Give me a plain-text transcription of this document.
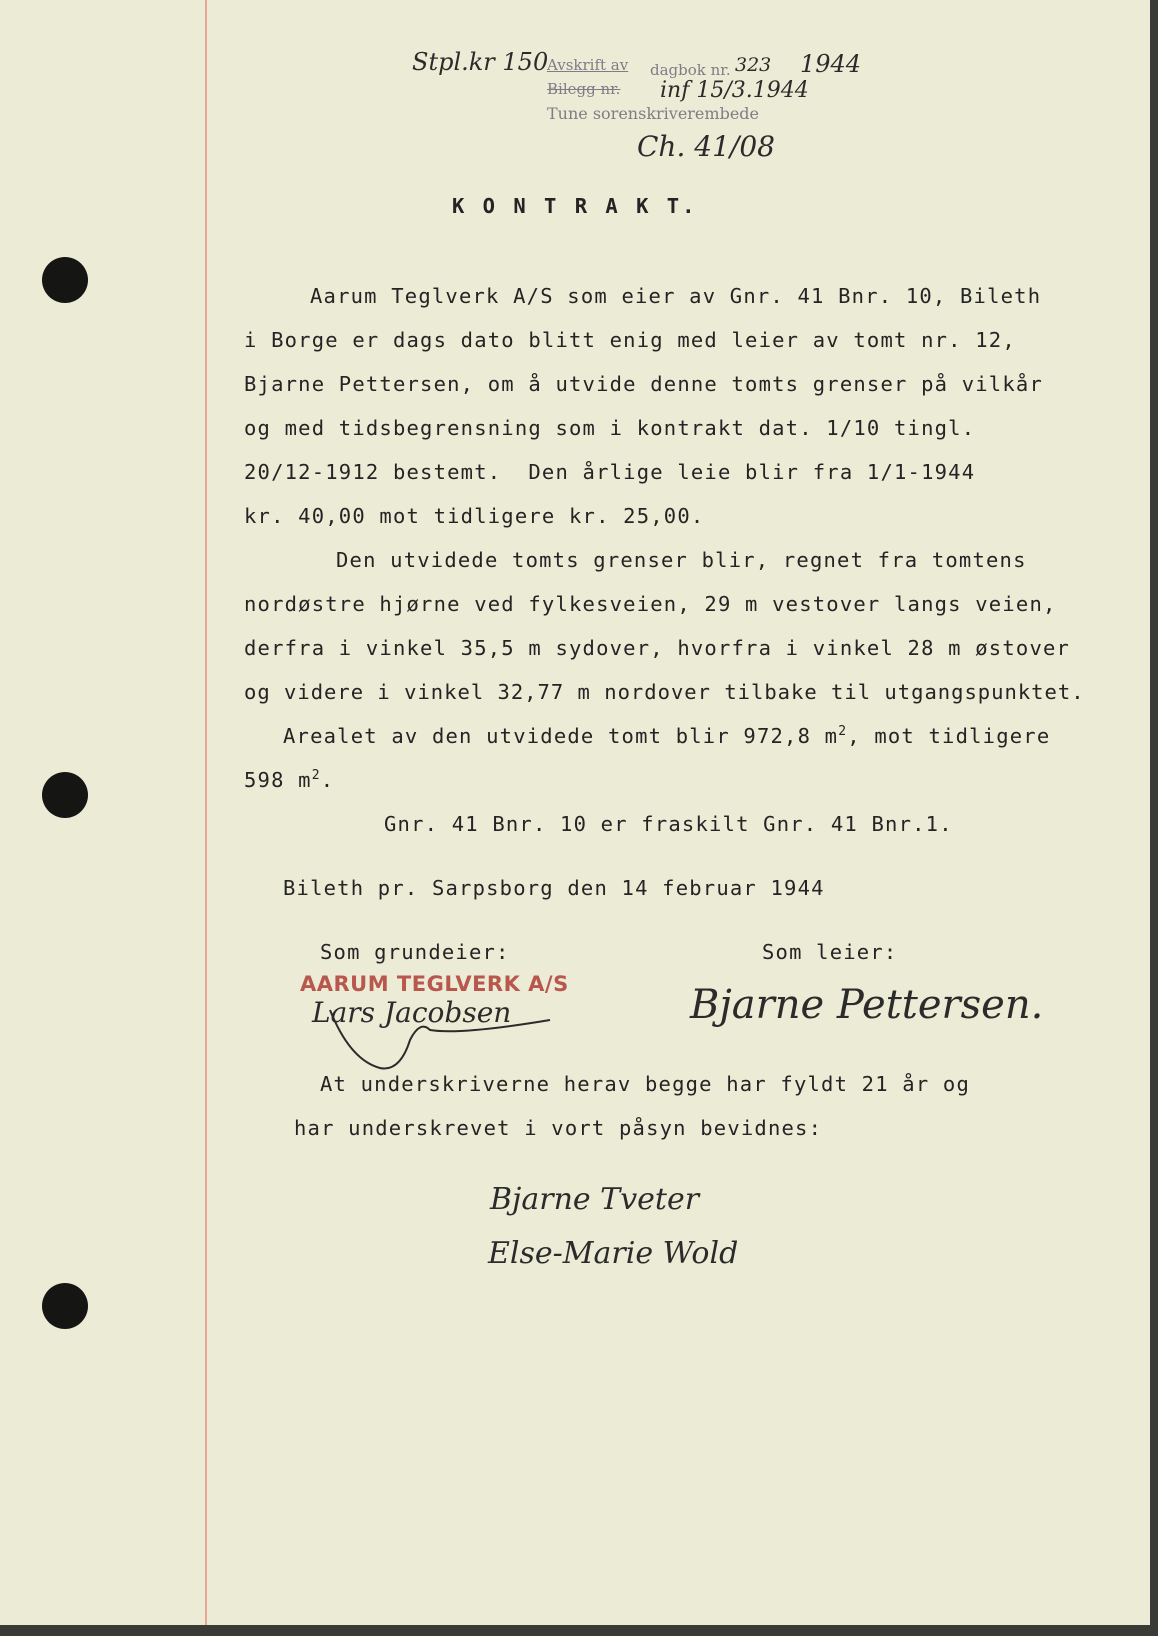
Stpl.kr 150
Avskrift av dagbok nr. 323 1944
Bilegg nr. inf 15/3.1944
Tune sorenskriverembede
Ch. 41/08
K O N T R A K T.
Aarum Teglverk A/S som eier av Gnr. 41 Bnr. 10, Bileth
i Borge er dags dato blitt enig med leier av tomt nr. 12,
Bjarne Pettersen, om å utvide denne tomts grenser på vilkår
og med tidsbegrensning som i kontrakt dat. 1/10 tingl.
20/12-1912 bestemt.  Den årlige leie blir fra 1/1-1944
kr. 40,00 mot tidligere kr. 25,00.
Den utvidede tomts grenser blir, regnet fra tomtens
nordøstre hjørne ved fylkesveien, 29 m vestover langs veien,
derfra i vinkel 35,5 m sydover, hvorfra i vinkel 28 m østover
og videre i vinkel 32,77 m nordover tilbake til utgangspunktet.
Arealet av den utvidede tomt blir 972,8 $m^2$, mot tidligere
598 $m^2$.
Gnr. 41 Bnr. 10 er fraskilt Gnr. 41 Bnr.1.
Bileth pr. Sarpsborg den 14 februar 1944
Som grundeier:	Som leier:
AARUM TEGLVERK A/S
Lars Jacobsen	Bjarne Pettersen.
At underskriverne herav begge har fyldt 21 år og
har underskrevet i vort påsyn bevidnes:
Bjarne Tveter
Else-Marie Wold
